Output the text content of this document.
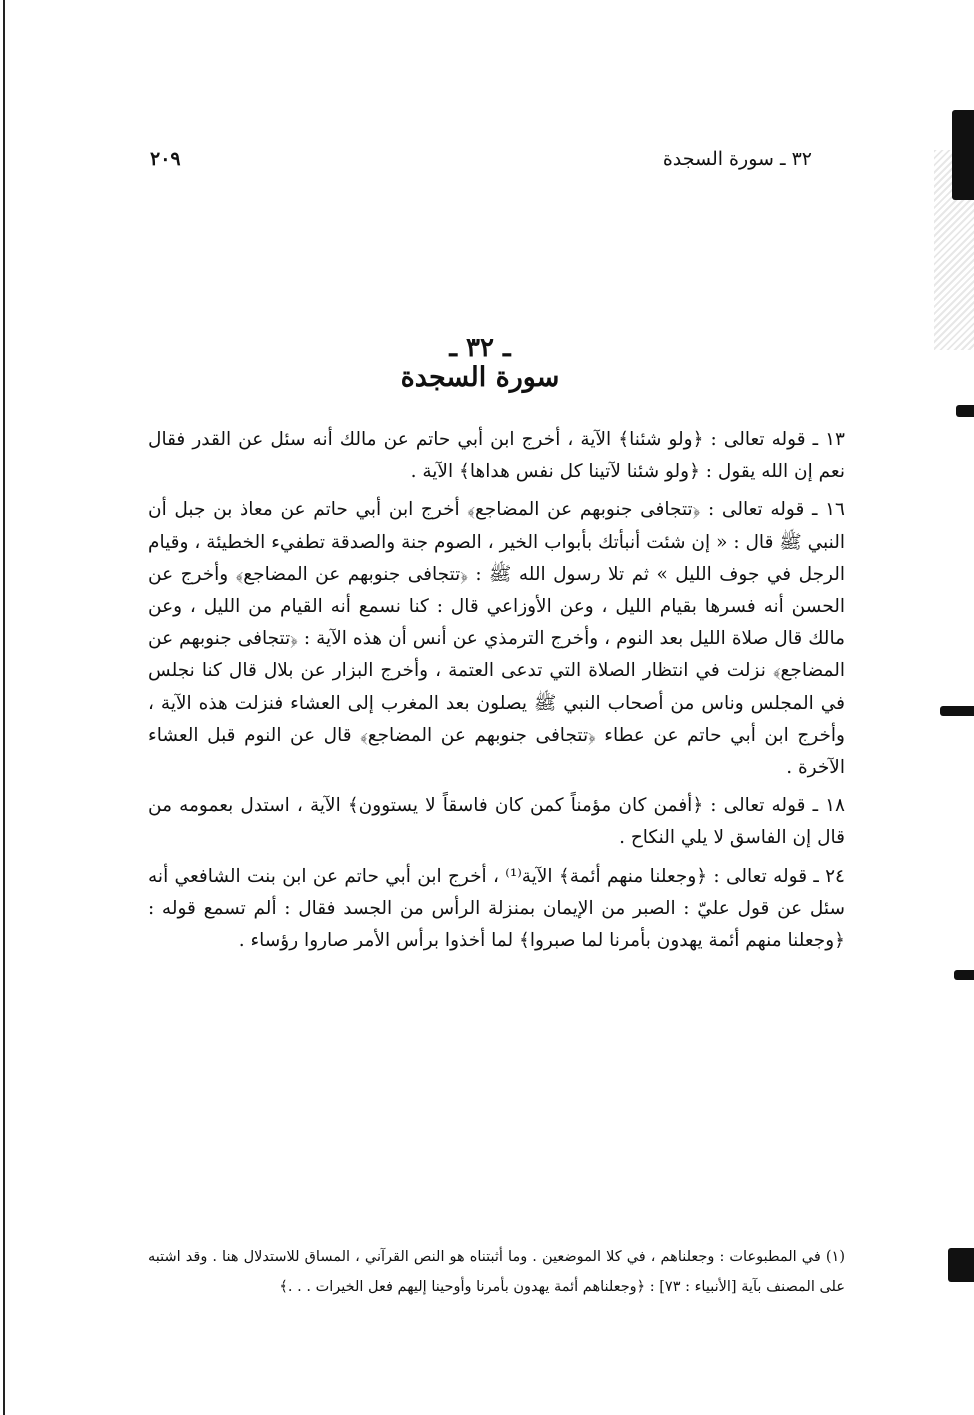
٣٢ ـ سورة السجدة
٢٠٩
ـ ٣٢ ـ
سورة السجدة

١٣ ـ قوله تعالى : ﴿ولو شئنا﴾ الآية ، أخرج ابن أبي حاتم عن مالك أنه سئل عن القدر فقال نعم إن الله يقول : ﴿ولو شئنا لآتينا كل نفس هداها﴾ الآية .

١٦ ـ قوله تعالى : ﴿تتجافى جنوبهم عن المضاجع﴾ أخرج ابن أبي حاتم عن معاذ بن جبل أن النبي ﷺ قال : « إن شئت أنبأتك بأبواب الخير ، الصوم جنة والصدقة تطفيء الخطيئة ، وقيام الرجل في جوف الليل » ثم تلا رسول الله ﷺ : ﴿تتجافى جنوبهم عن المضاجع﴾ وأخرج عن الحسن أنه فسرها بقيام الليل ، وعن الأوزاعي قال : كنا نسمع أنه القيام من الليل ، وعن مالك قال صلاة الليل بعد النوم ، وأخرج الترمذي عن أنس أن هذه الآية : ﴿تتجافى جنوبهم عن المضاجع﴾ نزلت في انتظار الصلاة التي تدعى العتمة ، وأخرج البزار عن بلال قال كنا نجلس في المجلس وناس من أصحاب النبي ﷺ يصلون بعد المغرب إلى العشاء فنزلت هذه الآية ، وأخرج ابن أبي حاتم عن عطاء ﴿تتجافى جنوبهم عن المضاجع﴾ قال عن النوم قبل العشاء الآخرة .

١٨ ـ قوله تعالى : ﴿أفمن كان مؤمناً كمن كان فاسقاً لا يستوون﴾ الآية ، استدل بعمومه من قال إن الفاسق لا يلي النكاح .

٢٤ ـ قوله تعالى : ﴿وجعلنا منهم أئمة﴾ الآية⁽¹⁾ ، أخرج ابن أبي حاتم عن ابن بنت الشافعي أنه سئل عن قول عليّ : الصبر من الإيمان بمنزلة الرأس من الجسد فقال : ألم تسمع قوله : ﴿وجعلنا منهم أئمة يهدون بأمرنا لما صبروا﴾ لما أخذوا برأس الأمر صاروا رؤساء .

(١) في المطبوعات : وجعلناهم ، في كلا الموضعين . وما أثبتناه هو النص القرآني ، المساق للاستدلال هنا . وقد اشتبه على المصنف بآية [الأنبياء : ٧٣] : ﴿وجعلناهم أئمة يهدون بأمرنا وأوحينا إليهم فعل الخيرات . . .﴾
